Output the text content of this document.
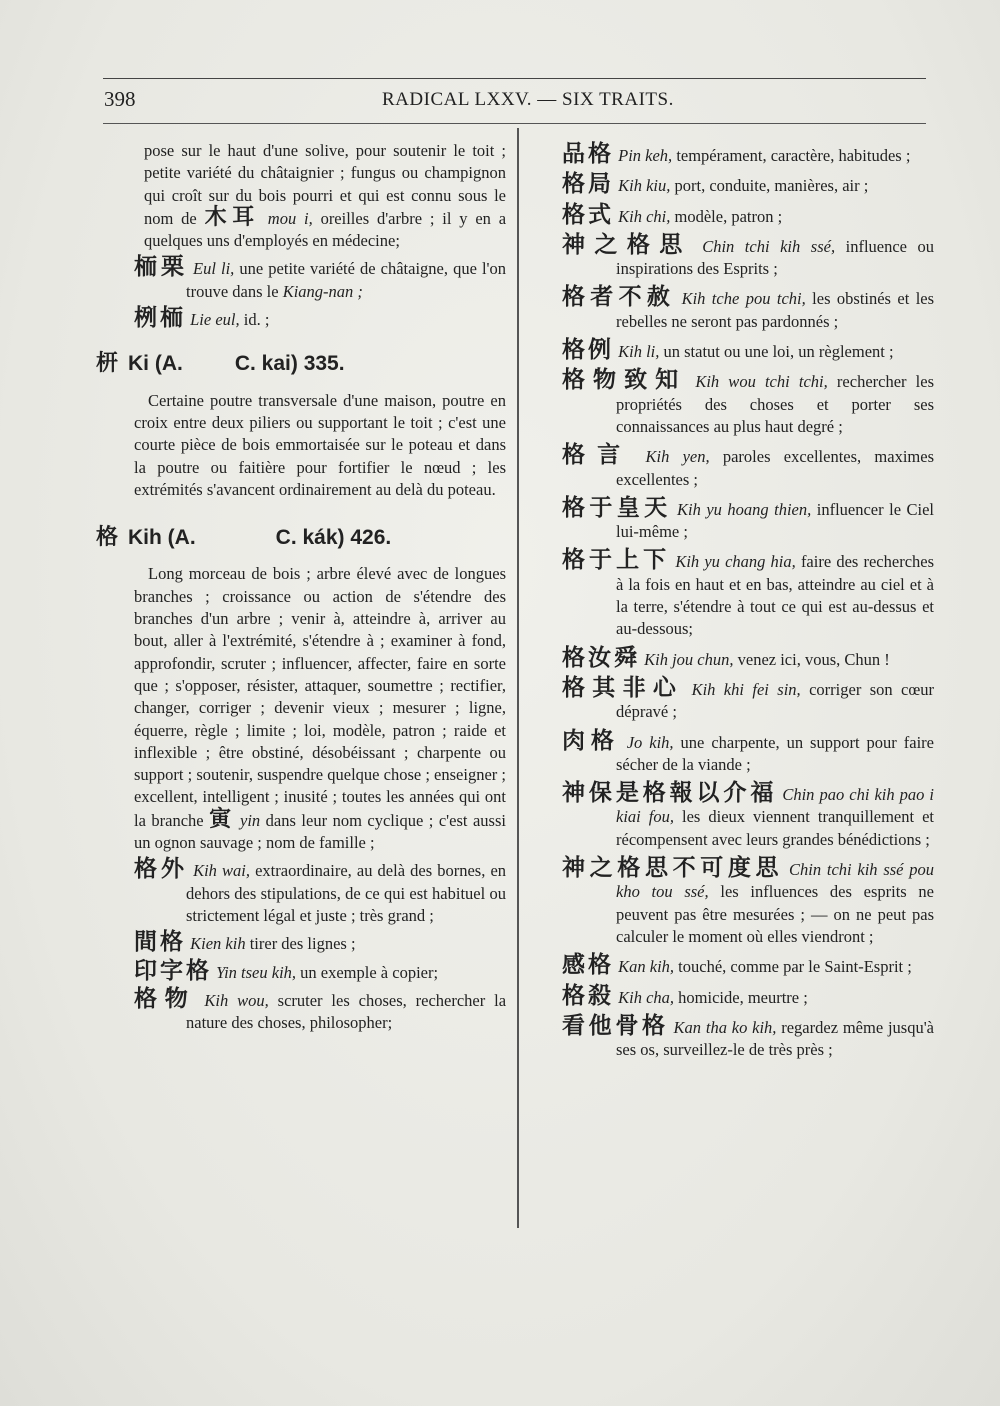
398	RADICAL LXXV. — SIX TRAITS.

pose sur le haut d'une solive, pour soutenir le toit ; petite variété du châtaignier ; fungus ou champignon qui croît sur du bois pourri et qui est connu sous le nom de 木耳 mou i, oreilles d'arbre ; il y en a quelques uns d'employés en médecine;

栭栗 Eul li, une petite variété de châtaigne, que l'on trouve dans le Kiang-nan ;

栵栭 Lie eul, id. ;

枅 Ki (A. C. kai) 335.

Certaine poutre transversale d'une maison, poutre en croix entre deux piliers ou supportant le toit ; c'est une courte pièce de bois emmortaisée sur le poteau et dans la poutre ou faitière pour fortifier le nœud ; les extrémités s'avancent ordinairement au delà du poteau.

格 Kih (A.	C. kák) 426.

Long morceau de bois ; arbre élevé avec de longues branches ; croissance ou action de s'étendre des branches d'un arbre ; venir à, atteindre à, arriver au bout, aller à l'extrémité, s'étendre à ; examiner à fond, approfondir, scruter ; influencer, affecter, faire en sorte que ; s'opposer, résister, attaquer, soumettre ; rectifier, changer, corriger ; devenir vieux ; mesurer ; ligne, équerre, règle ; limite ; loi, modèle, patron ; raide et inflexible ; être obstiné, désobéissant ; charpente ou support ; soutenir, suspendre quelque chose ; enseigner ; excellent, intelligent ; inusité ; toutes les années qui ont la branche 寅 yin dans leur nom cyclique ; c'est aussi un ognon sauvage ; nom de famille ;

格外 Kih wai, extraordinaire, au delà des bornes, en dehors des stipulations, de ce qui est habituel ou strictement légal et juste ; très grand ;

間格 Kien kih tirer des lignes ;

印字格 Yin tseu kih, un exemple à copier;

格物 Kih wou, scruter les choses, rechercher la nature des choses, philosopher;

品格 Pin keh, tempérament, caractère, habitudes ;

格局 Kih kiu, port, conduite, manières, air ;

格式 Kih chi, modèle, patron ;

神之格思 Chin tchi kih ssé, influence ou inspirations des Esprits ;

格者不赦 Kih tche pou tchi, les obstinés et les rebelles ne seront pas pardonnés ;

格例 Kih li, un statut ou une loi, un règlement ;

格物致知 Kih wou tchi tchi, rechercher les propriétés des choses et porter ses connaissances au plus haut degré ;

格言 Kih yen, paroles excellentes, maximes excellentes ;

格于皇天 Kih yu hoang thien, influencer le Ciel lui-même ;

格于上下 Kih yu chang hia, faire des recherches à la fois en haut et en bas, atteindre au ciel et à la terre, s'étendre à tout ce qui est au-dessus et au-dessous;

格汝舜 Kih jou chun, venez ici, vous, Chun !

格其非心 Kih khi fei sin, corriger son cœur dépravé ;

肉格 Jo kih, une charpente, un support pour faire sécher de la viande ;

神保是格報以介福 Chin pao chi kih pao i kiai fou, les dieux viennent tranquillement et récompensent avec leurs grandes bénédictions ;

神之格思不可度思 Chin tchi kih ssé pou kho tou ssé, les influences des esprits ne peuvent pas être mesurées ; — on ne peut pas calculer le moment où elles viendront ;

感格 Kan kih, touché, comme par le Saint-Esprit ;

格殺 Kih cha, homicide, meurtre ;

看他骨格 Kan tha ko kih, regardez même jusqu'à ses os, surveillez-le de très près ;
